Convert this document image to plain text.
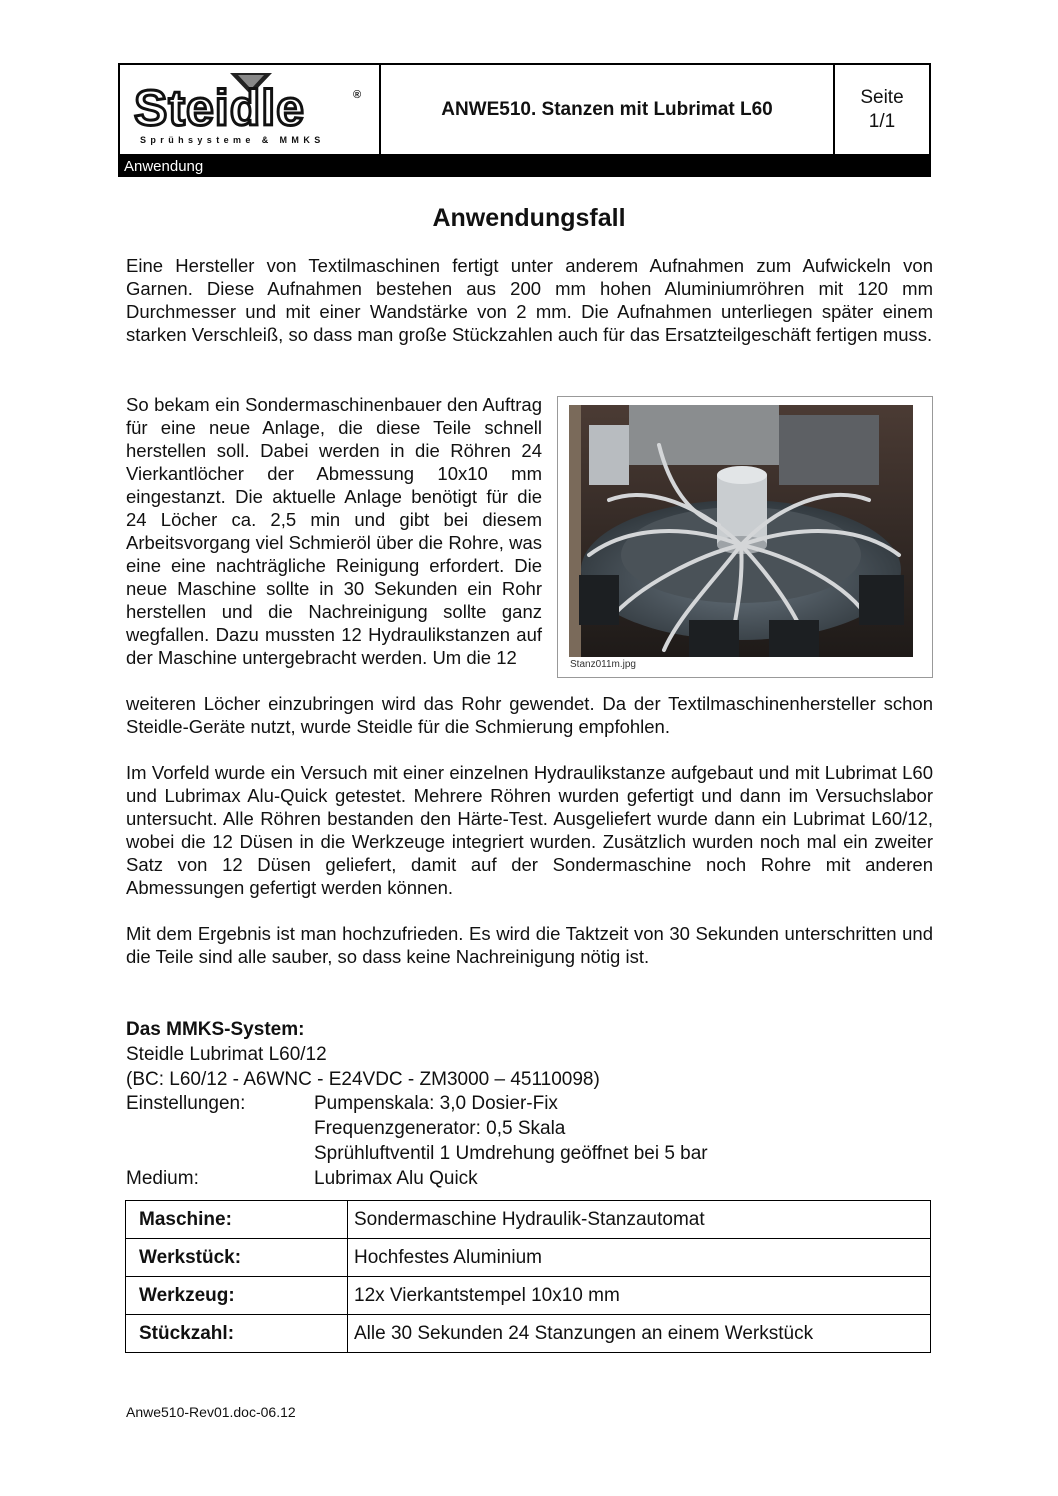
Steidle	®
Sprühsysteme & MMKS
ANWE510. Stanzen mit Lubrimat L60
Seite
1/1
Anwendung
Anwendungsfall

Eine Hersteller von Textilmaschinen fertigt unter anderem Aufnahmen zum Aufwickeln von Garnen. Diese Aufnahmen bestehen aus 200 mm hohen Aluminiumröhren mit 120 mm Durchmesser und mit einer Wandstärke von 2 mm. Die Aufnahmen unterliegen später einem starken Verschleiß, so dass man große Stückzahlen auch für das Ersatzteilgeschäft fertigen muss.

So bekam ein Sondermaschinenbauer den Auftrag für eine neue Anlage, die diese Teile schnell herstellen soll. Dabei werden in die Röhren 24 Vierkantlöcher der Abmessung 10x10 mm eingestanzt. Die aktuelle Anlage benötigt für die 24 Löcher ca. 2,5 min und gibt bei diesem Arbeitsvorgang viel Schmieröl über die Rohre, was eine eine nachträgliche Reinigung erfordert. Die neue Maschine sollte in 30 Sekunden ein Rohr herstellen und die Nachreinigung sollte ganz wegfallen. Dazu mussten 12 Hydraulikstanzen auf der Maschine untergebracht werden. Um die 12

weiteren Löcher einzubringen wird das Rohr gewendet. Da der Textilmaschinenhersteller schon Steidle-Geräte nutzt, wurde Steidle für die Schmierung empfohlen.

Im Vorfeld wurde ein Versuch mit einer einzelnen Hydraulikstanze aufgebaut und mit Lubrimat L60 und Lubrimax Alu-Quick getestet. Mehrere Röhren wurden gefertigt und dann im Versuchslabor untersucht. Alle Röhren bestanden den Härte-Test. Ausgeliefert wurde dann ein Lubrimat L60/12, wobei die 12 Düsen in die Werkzeuge integriert wurden. Zusätzlich wurden noch mal ein zweiter Satz von 12 Düsen geliefert, damit auf der Sondermaschine noch Rohre mit anderen Abmessungen gefertigt werden können.

Mit dem Ergebnis ist man hochzufrieden. Es wird die Taktzeit von 30 Sekunden unterschritten und die Teile sind alle sauber, so dass keine Nachreinigung nötig ist.

Stanz011m.jpg
Das MMKS-System:
Steidle Lubrimat L60/12
(BC: L60/12 - A6WNC - E24VDC - ZM3000 – 45110098)
Einstellungen:	Pumpenskala: 3,0 Dosier-Fix
Frequenzgenerator: 0,5 Skala
Sprühluftventil 1 Umdrehung geöffnet bei 5 bar
Medium:	Lubrimax Alu Quick
Maschine:	Sondermaschine Hydraulik-Stanzautomat
Werkstück:	Hochfestes Aluminium
Werkzeug:	12x Vierkantstempel 10x10 mm
Stückzahl:	Alle 30 Sekunden 24 Stanzungen an einem Werkstück
Anwe510-Rev01.doc-06.12
